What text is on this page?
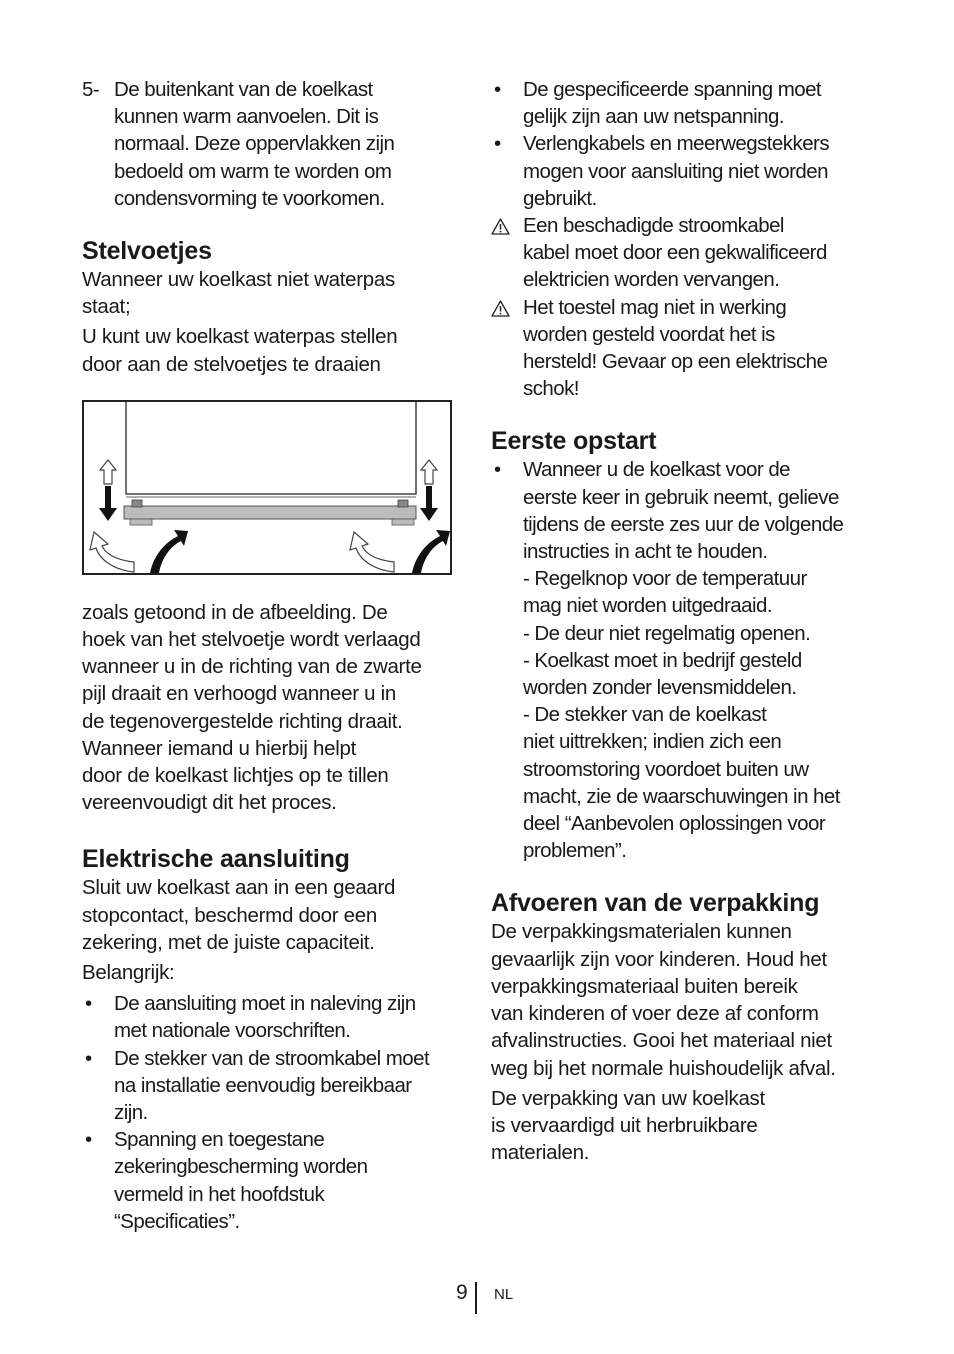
5- De buitenkant van de koelkast
kunnen warm aanvoelen. Dit is
normaal. Deze oppervlakken zijn
bedoeld om warm te worden om
condensvorming te voorkomen.
Stelvoetjes

Wanneer uw koelkast niet waterpas
staat;

U kunt uw koelkast waterpas stellen
door aan de stelvoetjes te draaien

zoals getoond in de afbeelding. De
hoek van het stelvoetje wordt verlaagd
wanneer u in de richting van de zwarte
pijl draait en verhoogd wanneer u in
de tegenovergestelde richting draait.
Wanneer iemand u hierbij helpt
door de koelkast lichtjes op te tillen
vereenvoudigt dit het proces.

Elektrische aansluiting

Sluit uw koelkast aan in een geaard
stopcontact, beschermd door een
zekering, met de juiste capaciteit.

Belangrijk:

• De aansluiting moet in naleving zijn
met nationale voorschriften.
• De stekker van de stroomkabel moet
na installatie eenvoudig bereikbaar
zijn.
• Spanning en toegestane
zekeringbescherming worden
vermeld in het hoofdstuk
“Specificaties”.
• De gespecificeerde spanning moet
gelijk zijn aan uw netspanning.
• Verlengkabels en meerwegstekkers
mogen voor aansluiting niet worden
gebruikt.
Een beschadigde stroomkabel
kabel moet door een gekwalificeerd
elektricien worden vervangen.
Het toestel mag niet in werking
worden gesteld voordat het is
hersteld! Gevaar op een elektrische
schok!
Eerste opstart
• Wanneer u de koelkast voor de
eerste keer in gebruik neemt, gelieve
tijdens de eerste zes uur de volgende
instructies in acht te houden.
- Regelknop voor de temperatuur
mag niet worden uitgedraaid.
- De deur niet regelmatig openen.
- Koelkast moet in bedrijf gesteld
worden zonder levensmiddelen.
- De stekker van de koelkast
niet uittrekken; indien zich een
stroomstoring voordoet buiten uw
macht, zie de waarschuwingen in het
deel “Aanbevolen oplossingen voor
problemen”.
Afvoeren van de verpakking

De verpakkingsmaterialen kunnen
gevaarlijk zijn voor kinderen. Houd het
verpakkingsmateriaal buiten bereik
van kinderen of voer deze af conform
afvalinstructies. Gooi het materiaal niet
weg bij het normale huishoudelijk afval.

De verpakking van uw koelkast
is vervaardigd uit herbruikbare
materialen.

9 NL
